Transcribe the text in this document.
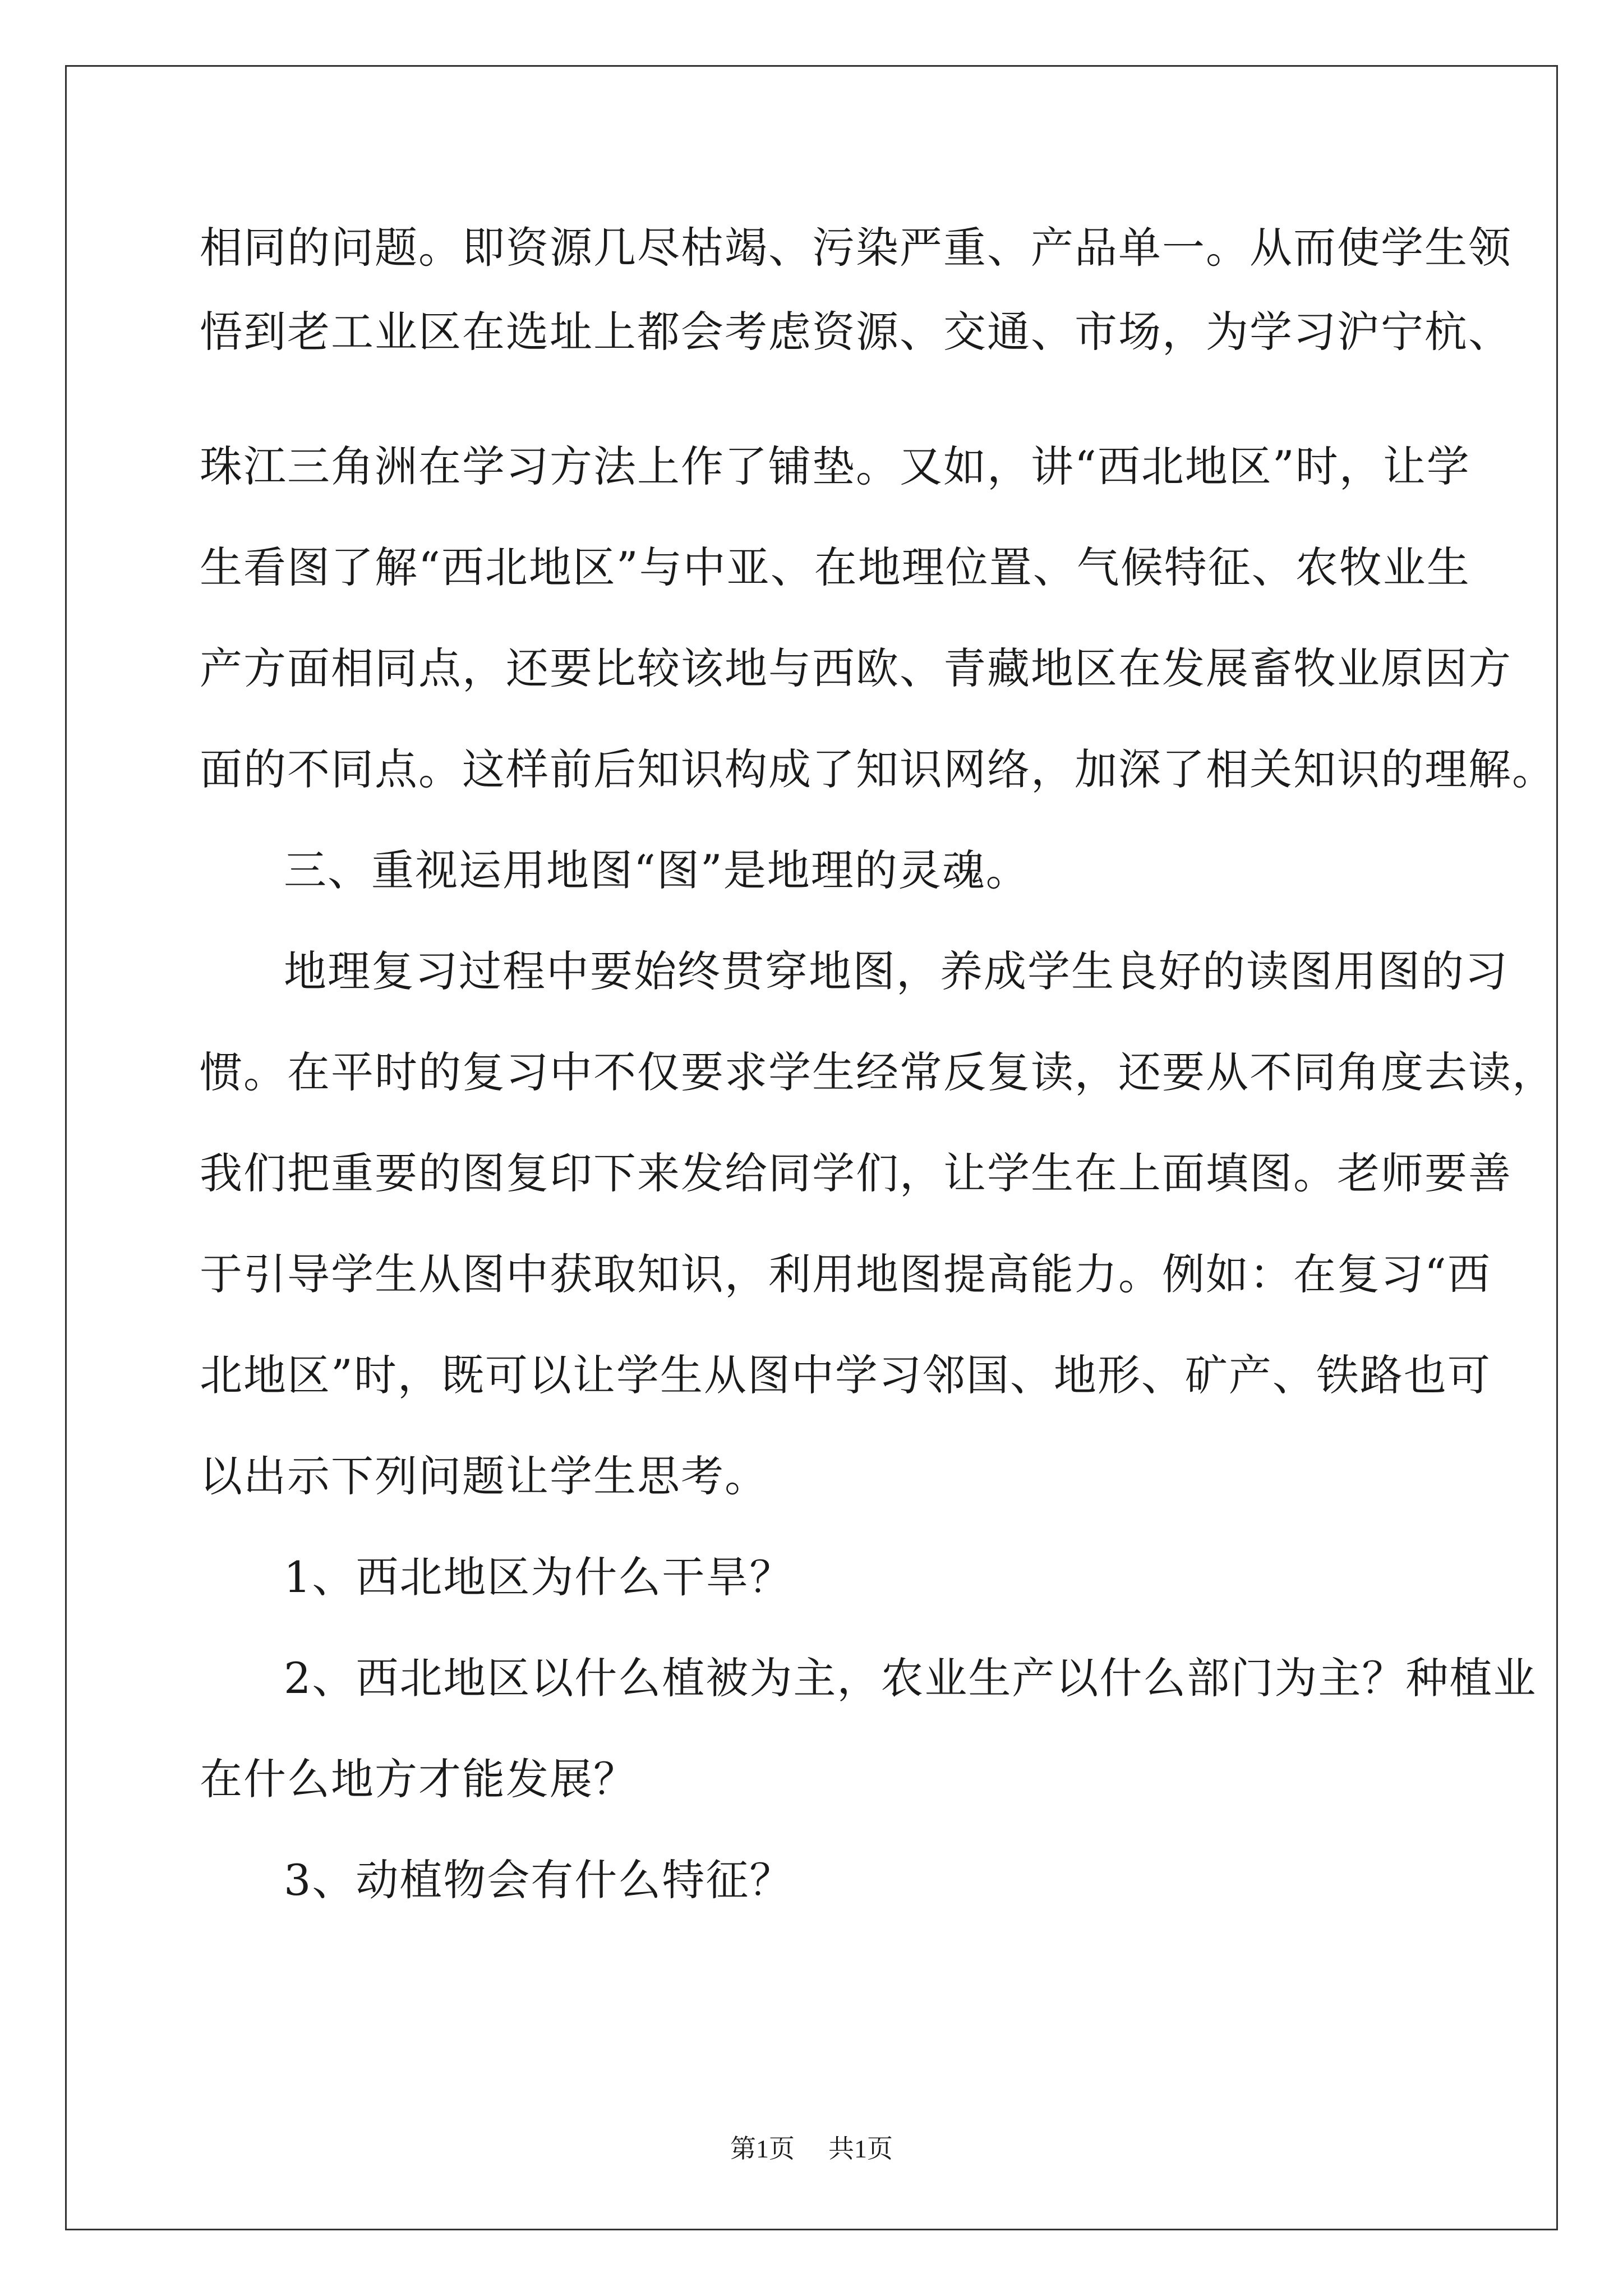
相同的问题。即资源几尽枯竭、污染严重、产品单一。从而使学生领
悟到老工业区在选址上都会考虑资源、交通、市场，为学习沪宁杭、
珠江三角洲在学习方法上作了铺垫。又如，讲“西北地区”时，让学
生看图了解“西北地区”与中亚、在地理位置、气候特征、农牧业生
产方面相同点，还要比较该地与西欧、青藏地区在发展畜牧业原因方
面的不同点。这样前后知识构成了知识网络，加深了相关知识的理解。
三、重视运用地图“图”是地理的灵魂。
地理复习过程中要始终贯穿地图，养成学生良好的读图用图的习
惯。在平时的复习中不仅要求学生经常反复读，还要从不同角度去读，
我们把重要的图复印下来发给同学们，让学生在上面填图。老师要善
于引导学生从图中获取知识，利用地图提高能力。例如：在复习“西
北地区”时，既可以让学生从图中学习邻国、地形、矿产、铁路也可
以出示下列问题让学生思考。
1、西北地区为什么干旱？
2、西北地区以什么植被为主，农业生产以什么部门为主？种植业
在什么地方才能发展？
3、动植物会有什么特征？
第1页 共1页
